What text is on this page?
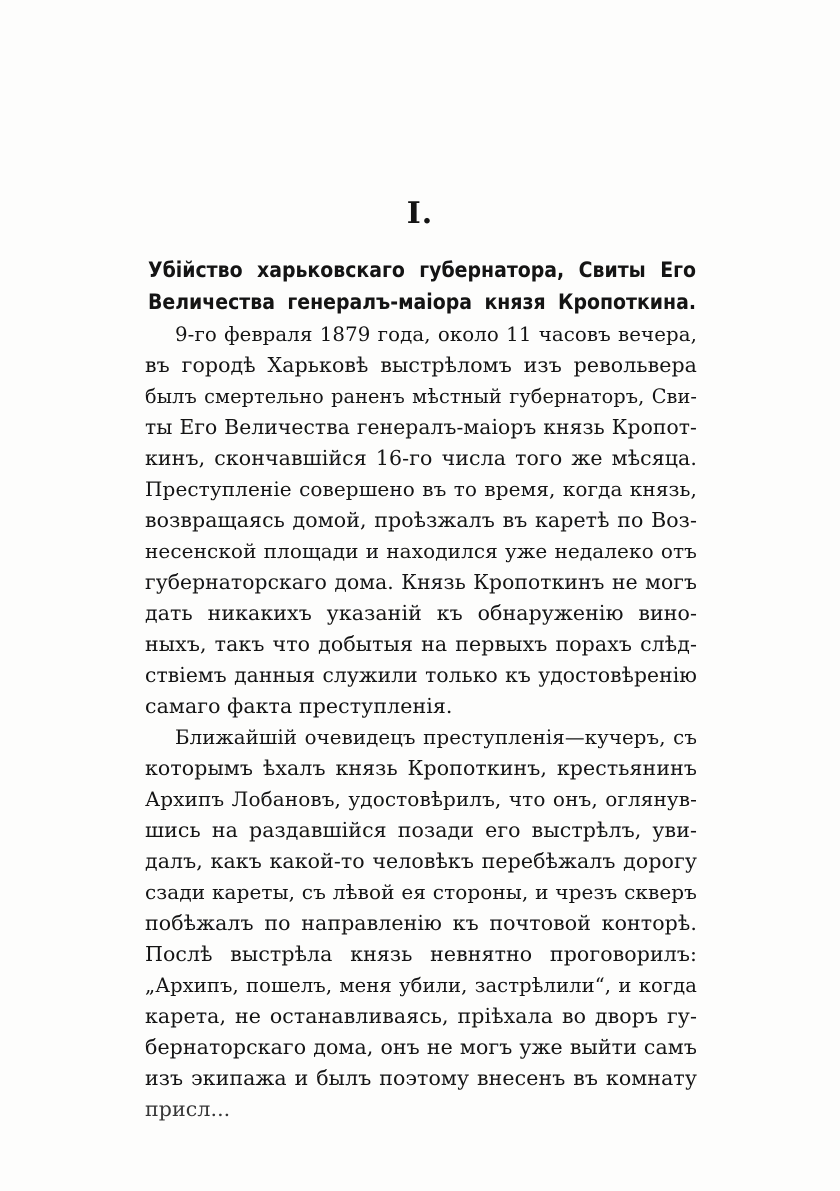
I.
Убійство харьковскаго губернатора, Свиты Его
Величества генералъ-маіора князя Кропоткина.
9-го февраля 1879 года, около 11 часовъ вечера,
въ городѣ Харьковѣ выстрѣломъ изъ револьвера
былъ смертельно раненъ мѣстный губернаторъ, Сви-
ты Его Величества генералъ-маіоръ князь Кропот-
кинъ, скончавшійся 16-го числа того же мѣсяца.
Преступленіе совершено въ то время, когда князь,
возвращаясь домой, проѣзжалъ въ каретѣ по Воз-
несенской площади и находился уже недалеко отъ
губернаторскаго дома. Князь Кропоткинъ не могъ
дать никакихъ указаній къ обнаруженію вино-
ныхъ, такъ что добытыя на первыхъ порахъ слѣд-
ствіемъ данныя служили только къ удостовѣренію
самаго факта преступленія.
Ближайшій очевидецъ преступленія—кучеръ, съ
которымъ ѣхалъ князь Кропоткинъ, крестьянинъ
Архипъ Лобановъ, удостовѣрилъ, что онъ, оглянув-
шись на раздавшійся позади его выстрѣлъ, уви-
далъ, какъ какой-то человѣкъ перебѣжалъ дорогу
сзади кареты, съ лѣвой ея стороны, и чрезъ скверъ
побѣжалъ по направленію къ почтовой конторѣ.
Послѣ выстрѣла князь невнятно проговорилъ:
„Архипъ, пошелъ, меня убили, застрѣлили“, и когда
карета, не останавливаясь, пріѣхала во дворъ гу-
бернаторскаго дома, онъ не могъ уже выйти самъ
изъ экипажа и былъ поэтому внесенъ въ комнату
присл...
